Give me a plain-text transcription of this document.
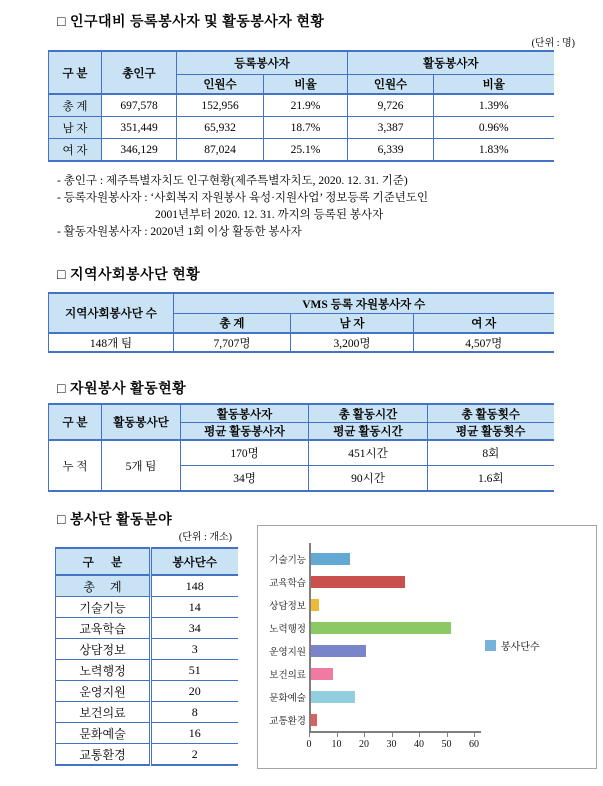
□ 인구대비 등록봉사자 및 활동봉사자 현황
(단위 : 명)
구 분	총인구	등록봉사자		활동봉사자	
		인원수	비율	인원수	비율
총 계	697,578	152,956	21.9%	9,726	1.39%
남 자	351,449	65,932	18.7%	3,387	0.96%
여 자	346,129	87,024	25.1%	6,339	1.83%
- 총인구 : 제주특별자치도 인구현황(제주특별자치도, 2020. 12. 31. 기준)
- 등록자원봉사자 : ‘사회복지 자원봉사 육성·지원사업’ 정보등록 기준년도인
2001년부터 2020. 12. 31. 까지의 등록된 봉사자
- 활동자원봉사자 : 2020년 1회 이상 활동한 봉사자
□ 지역사회봉사단 현황
지역사회봉사단 수	VMS 등록 자원봉사자 수		
	총 계	남 자	여 자
148개 팀	7,707명	3,200명	4,507명
□ 자원봉사 활동현황
구 분	활동봉사단	활동봉사자	총 활동시간	총 활동횟수
		평균 활동봉사자	평균 활동시간	평균 활동횟수
누 적	5개 팀	170명	451시간	8회
		34명	90시간	1.6회
□ 봉사단 활동분야
(단위 : 개소)
구      분	봉사단수
총     계	148
기술기능	14
교육학습	34
상담정보	3
노력행정	51
운영지원	20
보건의료	8
문화예술	16
교통환경	2
기술기능
교육학습
상담정보
노력행정
운영지원
보건의료
문화예술
교통환경
0 10 20 30 40 50 60
봉사단수
